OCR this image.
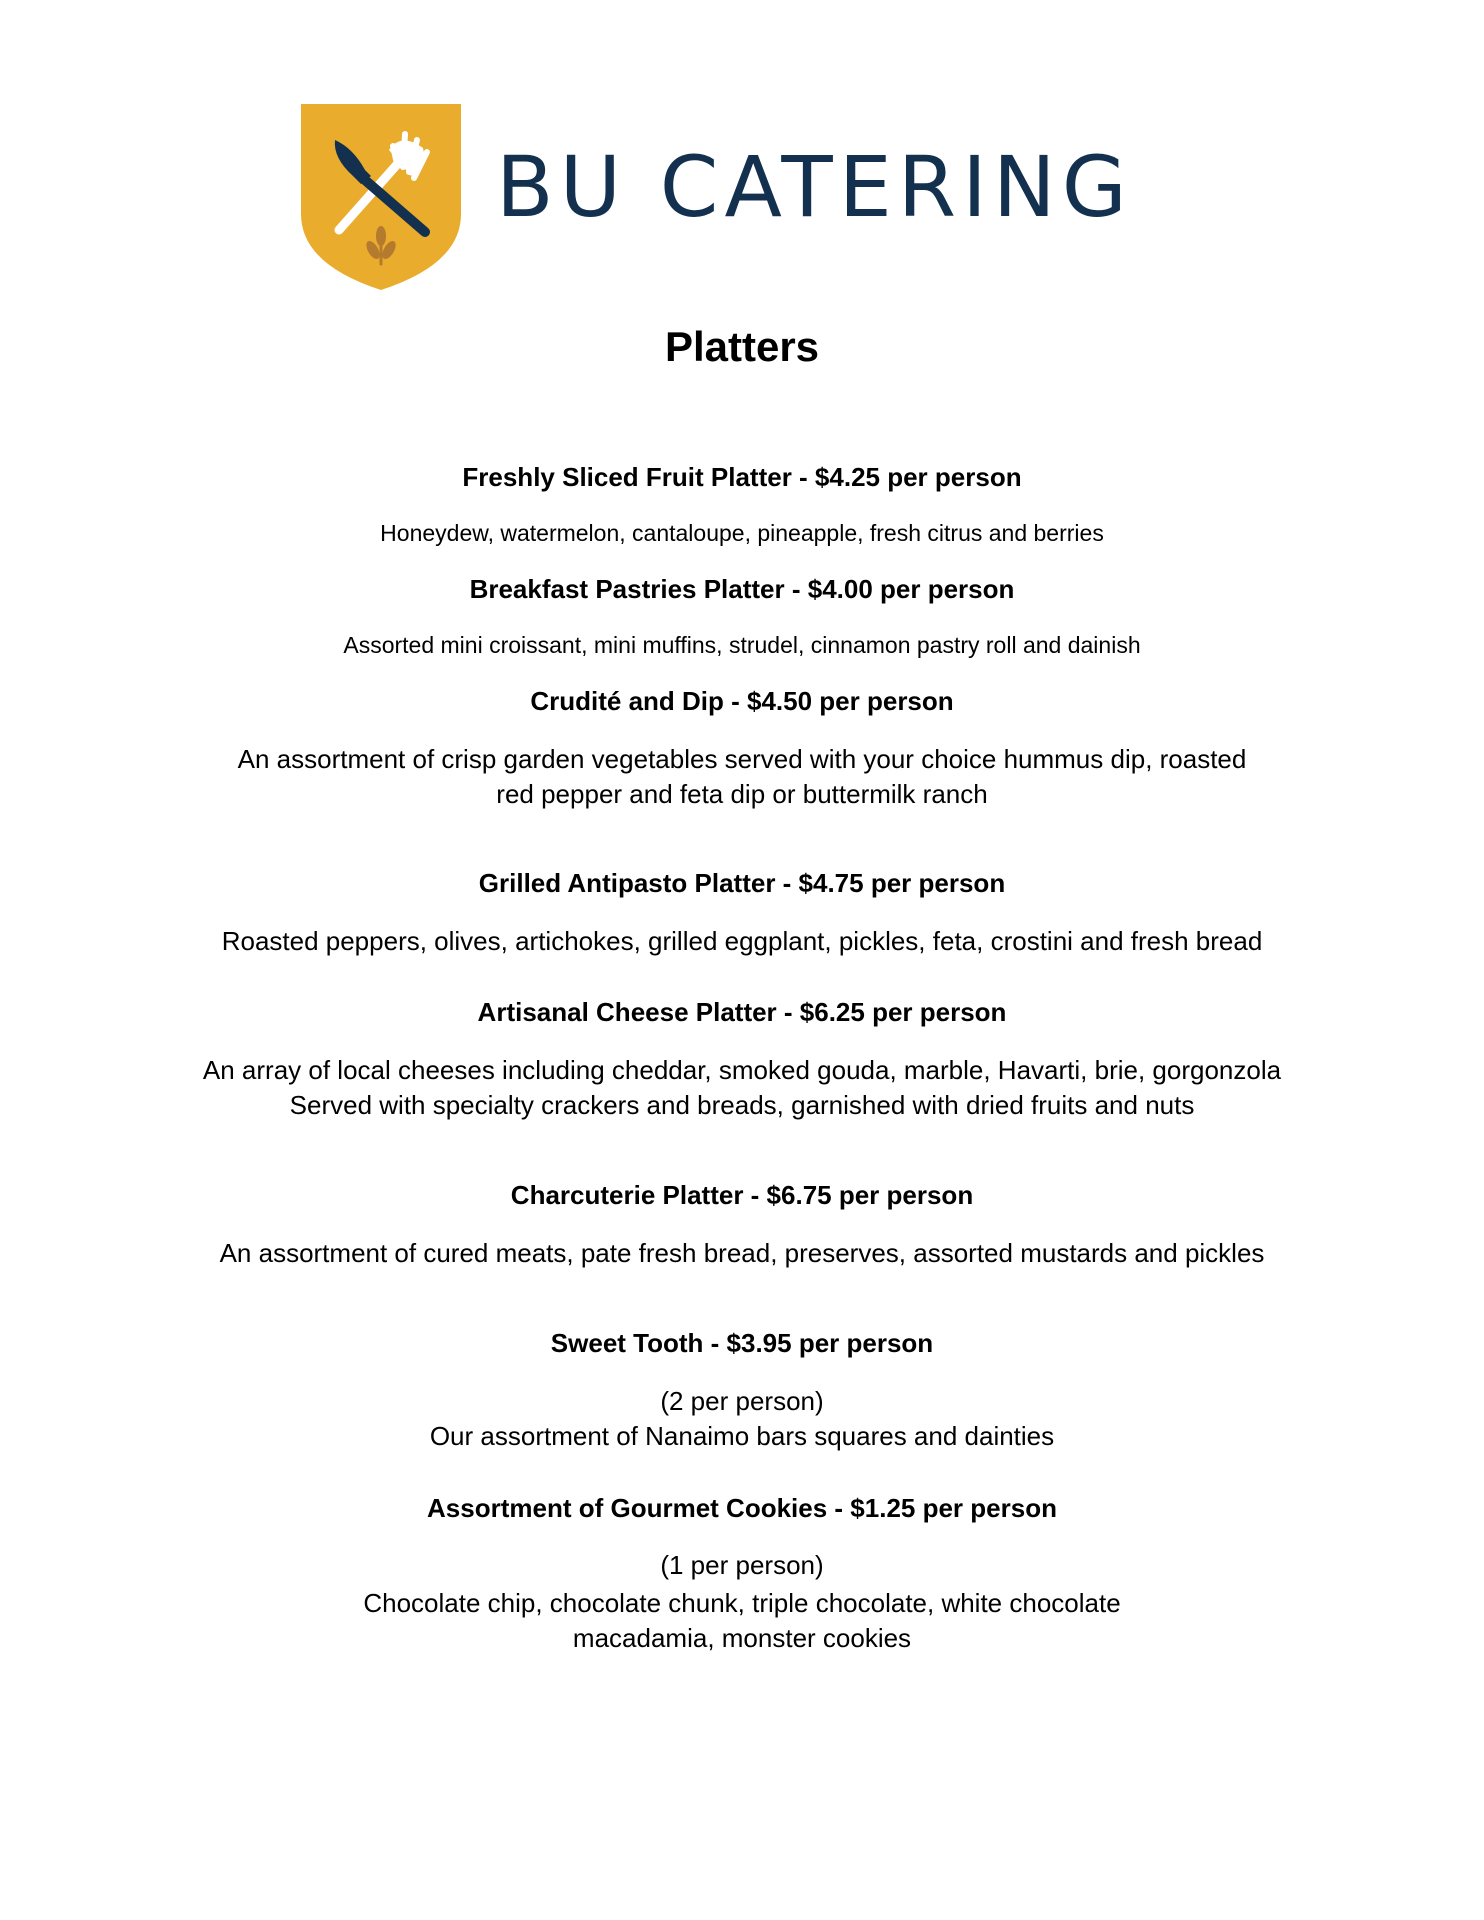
BU CATERING
Platters
Freshly Sliced Fruit Platter - $4.25 per person
Honeydew, watermelon, cantaloupe, pineapple, fresh citrus and berries
Breakfast Pastries Platter - $4.00 per person
Assorted mini croissant, mini muffins, strudel, cinnamon pastry roll and dainish
Crudité and Dip - $4.50 per person
An assortment of crisp garden vegetables served with your choice hummus dip, roasted
red pepper and feta dip or buttermilk ranch
Grilled Antipasto Platter - $4.75 per person
Roasted peppers, olives, artichokes, grilled eggplant, pickles, feta, crostini and fresh bread
Artisanal Cheese Platter - $6.25 per person
An array of local cheeses including cheddar, smoked gouda, marble, Havarti, brie, gorgonzola
Served with specialty crackers and breads, garnished with dried fruits and nuts
Charcuterie Platter - $6.75 per person
An assortment of cured meats, pate fresh bread, preserves, assorted mustards and pickles
Sweet Tooth - $3.95 per person
(2 per person)
Our assortment of Nanaimo bars squares and dainties
Assortment of Gourmet Cookies - $1.25 per person
(1 per person)
Chocolate chip, chocolate chunk, triple chocolate, white chocolate
macadamia, monster cookies
